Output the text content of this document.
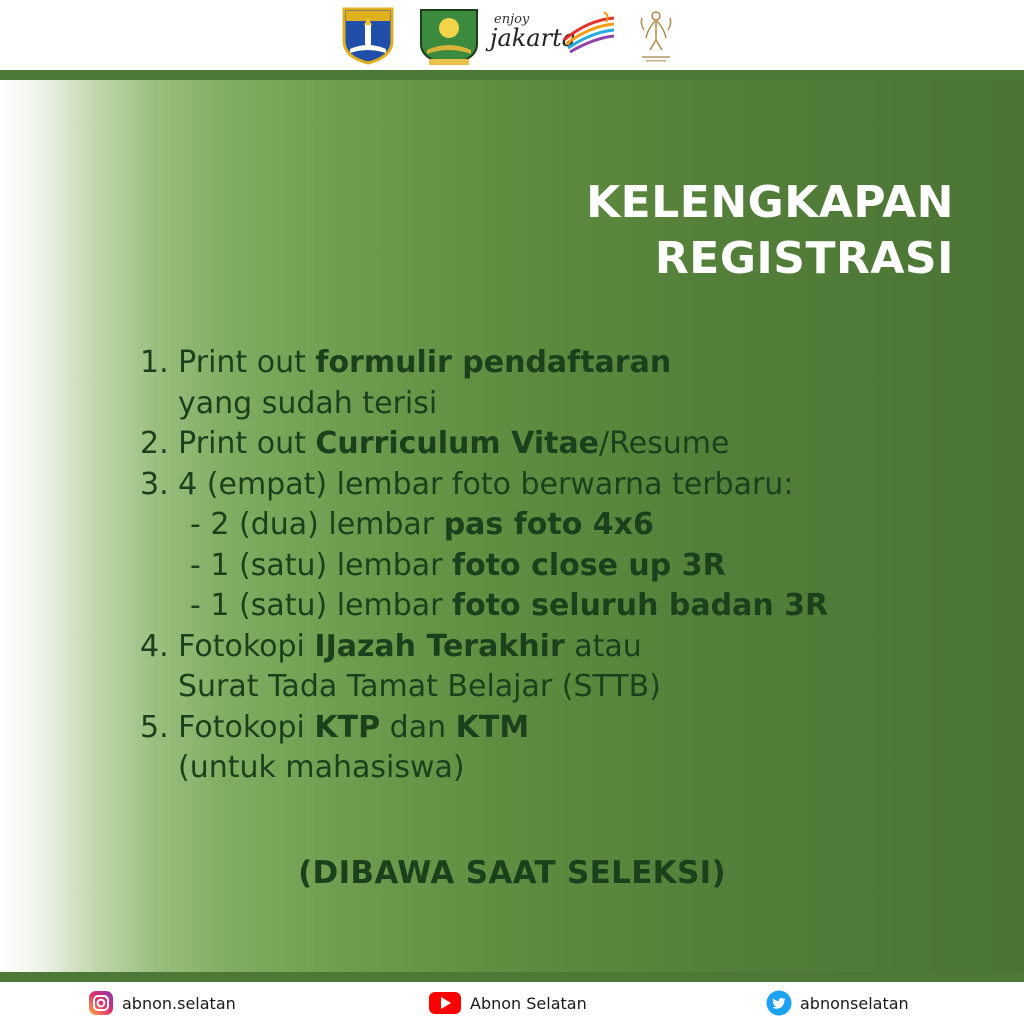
enjoy
jakarta
KELENGKAPAN
REGISTRASI
1. Print out formulir pendaftaran
yang sudah terisi
2. Print out Curriculum Vitae/Resume
3. 4 (empat) lembar foto berwarna terbaru:
- 2 (dua) lembar pas foto 4x6
- 1 (satu) lembar foto close up 3R
- 1 (satu) lembar foto seluruh badan 3R
4. Fotokopi IJazah Terakhir atau
Surat Tada Tamat Belajar (STTB)
5. Fotokopi KTP dan KTM
(untuk mahasiswa)
(DIBAWA SAAT SELEKSI)
abnon.selatan	Abnon Selatan	abnonselatan
